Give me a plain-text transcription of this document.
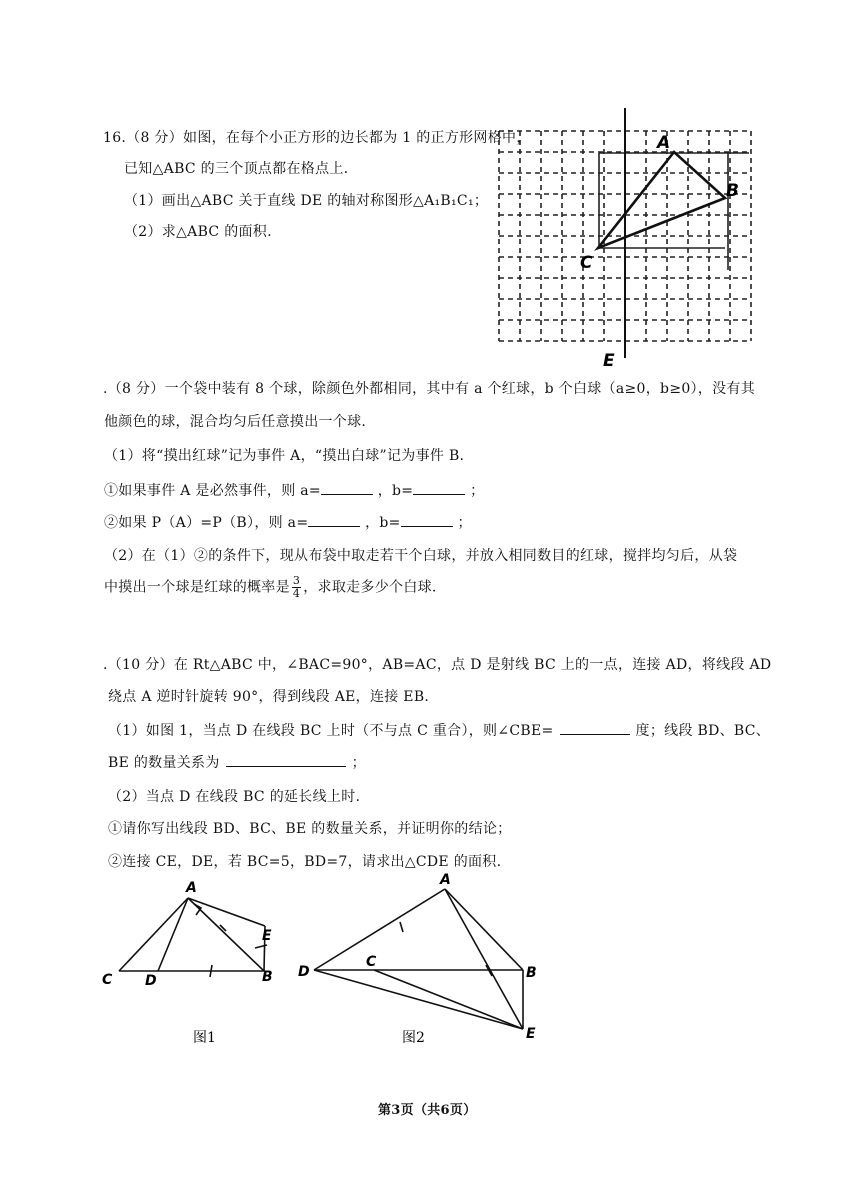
16.（8 分）如图，在每个小正方形的边长都为 1 的正方形网格中，
已知△ABC 的三个顶点都在格点上.
（1）画出△ABC 关于直线 DE 的轴对称图形△A₁B₁C₁；
（2）求△ABC 的面积.
A
B
C
E
.（8 分）一个袋中装有 8 个球，除颜色外都相同，其中有 a 个红球，b 个白球（a≥0，b≥0），没有其
他颜色的球，混合均匀后任意摸出一个球.
（1）将“摸出红球”记为事件 A，“摸出白球”记为事件 B.
①如果事件 A 是必然事件，则 a=	，b=	；
②如果 P（A）=P（B），则 a=	，b=	；
（2）在（1）②的条件下，现从布袋中取走若干个白球，并放入相同数目的红球，搅拌均匀后，从袋
中摸出一个球是红球的概率是 $\frac{3}{4}$ ，求取走多少个白球.
.（10 分）在 Rt△ABC 中，∠BAC=90°，AB=AC，点 D 是射线 BC 上的一点，连接 AD，将线段 AD
绕点 A 逆时针旋转 90°，得到线段 AE，连接 EB.
（1）如图 1，当点 D 在线段 BC 上时（不与点 C 重合），则∠CBE=	度；线段 BD、BC、
BE 的数量关系为	；
（2）当点 D 在线段 BC 的延长线上时.
①请你写出线段 BD、BC、BE 的数量关系，并证明你的结论；
②连接 CE，DE，若 BC=5，BD=7，请求出△CDE 的面积.
A
C D	B
E
图1
A
D
C
B
E
图2
第3页（共6页）
